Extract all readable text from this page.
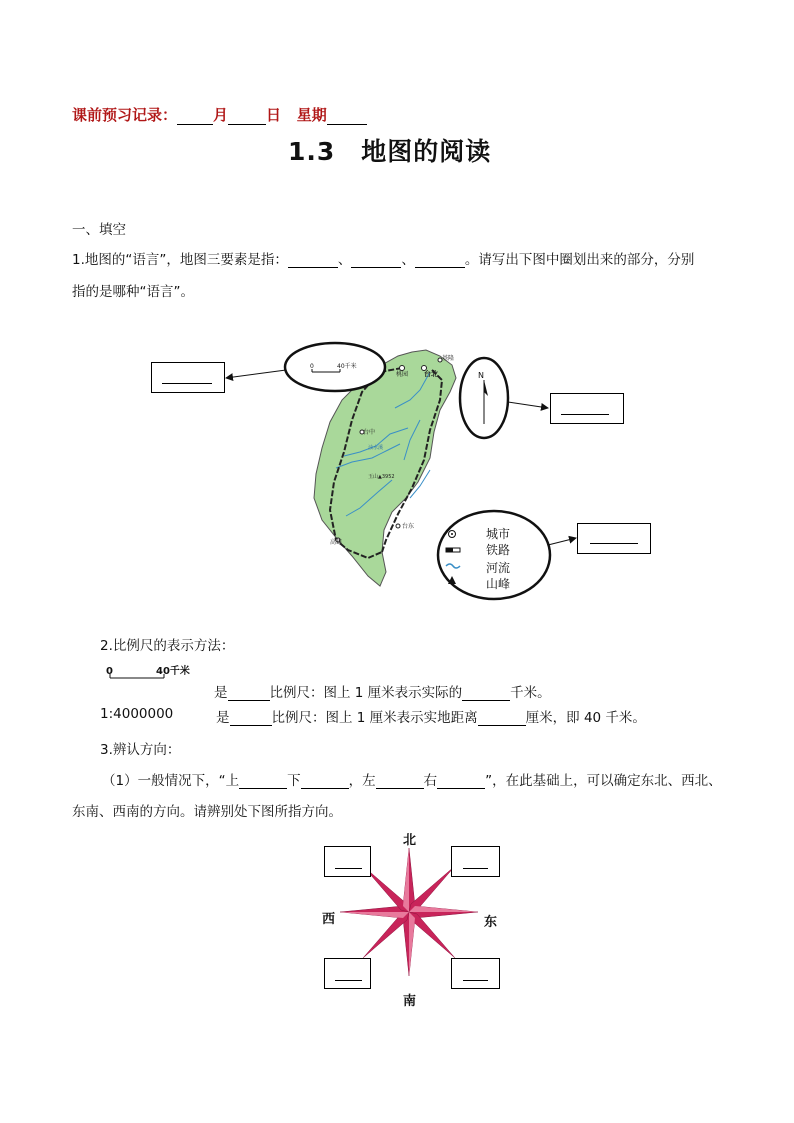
课前预习记录： 月	日 星期
1.3　地图的阅读
一、填空
1.地图的“语言”，地图三要素是指：	、	、	。请写出下图中圈划出来的部分，分别
指的是哪种“语言”。
基隆
桃园 台北
台中
台东
玉山▲3952
浊水溪
高雄
0	40千米
N
城市
铁路
河流
山峰
2.比例尺的表示方法：
0	40千米
是	比例尺：图上 1 厘米表示实际的	千米。
1:4000000	是	比例尺：图上 1 厘米表示实地距离	厘米，即 40 千米。
3.辨认方向：
（1）一般情况下，“上	下	，左	右	”，在此基础上，可以确定东北、西北、
东南、西南的方向。请辨别处下图所指方向。
北
南
东
西
